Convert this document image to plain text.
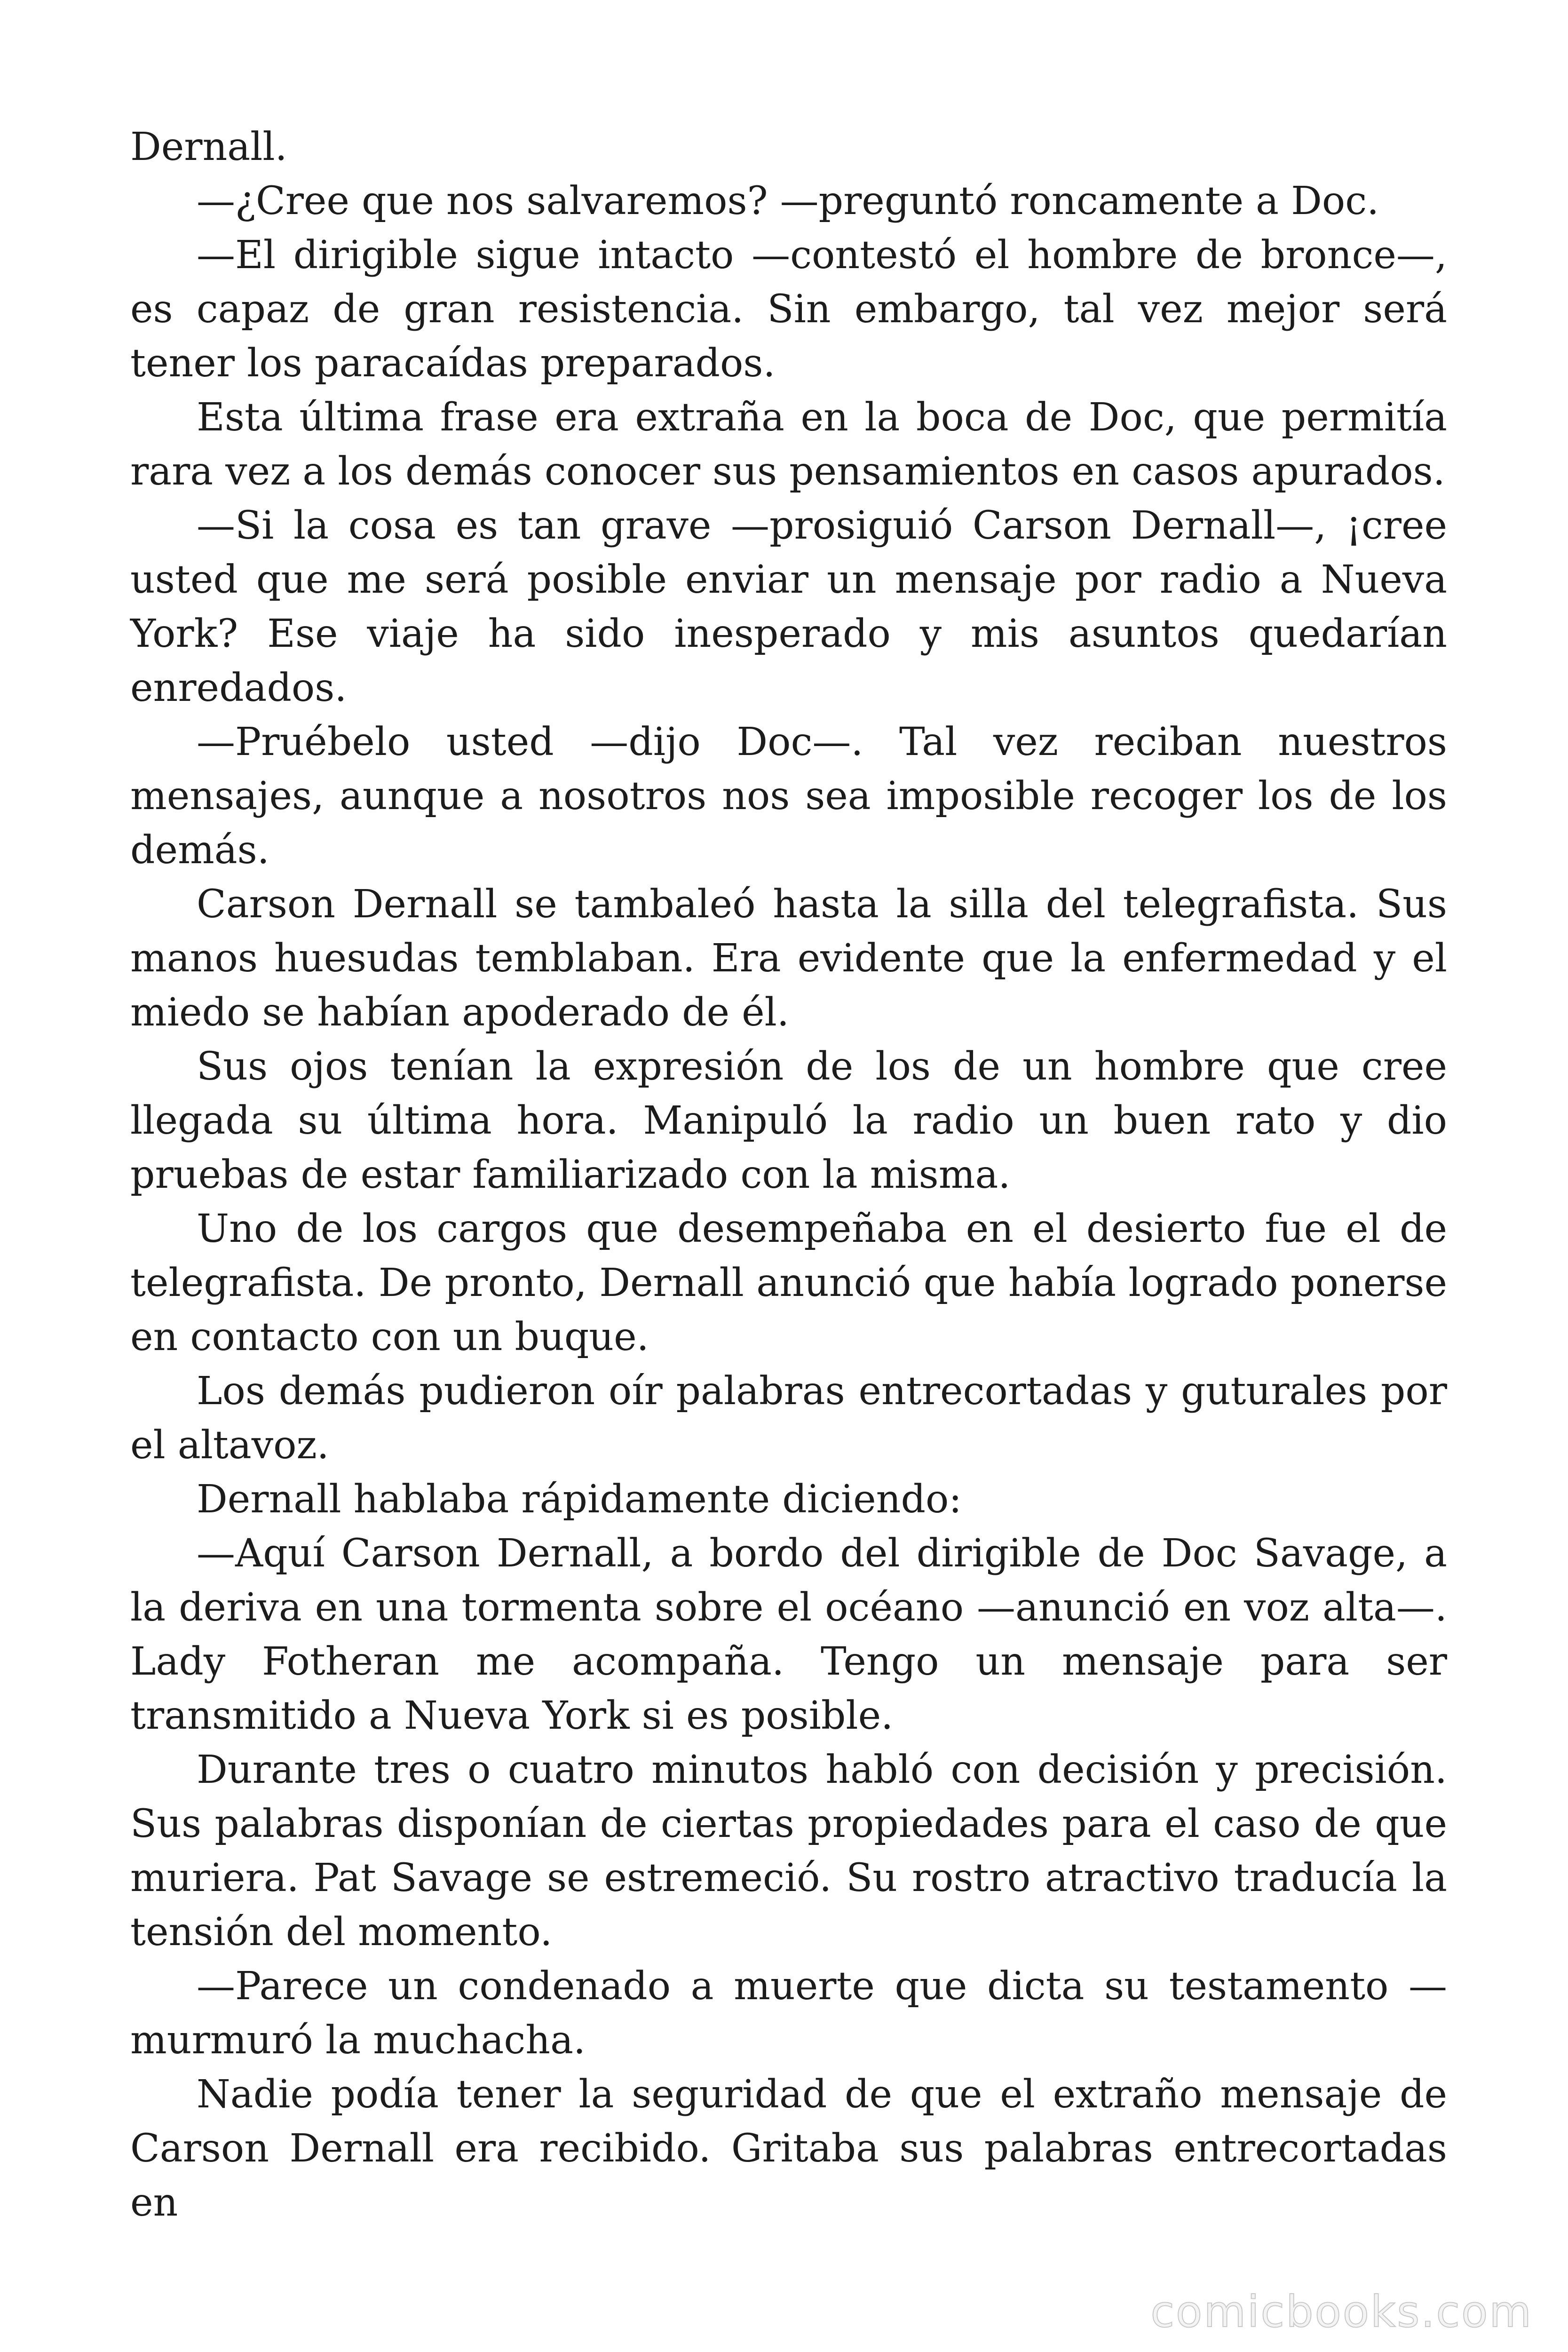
Dernall.

—¿Cree que nos salvaremos? —preguntó roncamente a Doc.

—El dirigible sigue intacto —contestó el hombre de bronce—, es capaz de gran resistencia. Sin embargo, tal vez mejor será tener los paracaídas preparados.

Esta última frase era extraña en la boca de Doc, que permitía rara vez a los demás conocer sus pensamientos en casos apurados.

—Si la cosa es tan grave —prosiguió Carson Dernall—, ¡cree usted que me será posible enviar un mensaje por radio a Nueva York? Ese viaje ha sido inesperado y mis asuntos quedarían enredados.

—Pruébelo usted —dijo Doc—. Tal vez reciban nuestros mensajes, aunque a nosotros nos sea imposible recoger los de los demás.

Carson Dernall se tambaleó hasta la silla del telegrafista. Sus manos huesudas temblaban. Era evidente que la enfermedad y el miedo se habían apoderado de él.

Sus ojos tenían la expresión de los de un hombre que cree llegada su última hora. Manipuló la radio un buen rato y dio pruebas de estar familiarizado con la misma.

Uno de los cargos que desempeñaba en el desierto fue el de telegrafista. De pronto, Dernall anunció que había logrado ponerse en contacto con un buque.

Los demás pudieron oír palabras entrecortadas y guturales por el altavoz.

Dernall hablaba rápidamente diciendo:

—Aquí Carson Dernall, a bordo del dirigible de Doc Savage, a la deriva en una tormenta sobre el océano —anunció en voz alta—. Lady Fotheran me acompaña. Tengo un mensaje para ser transmitido a Nueva York si es posible.

Durante tres o cuatro minutos habló con decisión y precisión. Sus palabras disponían de ciertas propiedades para el caso de que muriera. Pat Savage se estremeció. Su rostro atractivo traducía la tensión del momento.

—Parece un condenado a muerte que dicta su testamento —murmuró la muchacha.

Nadie podía tener la seguridad de que el extraño mensaje de Carson Dernall era recibido. Gritaba sus palabras entrecortadas en

comicbooks.com
